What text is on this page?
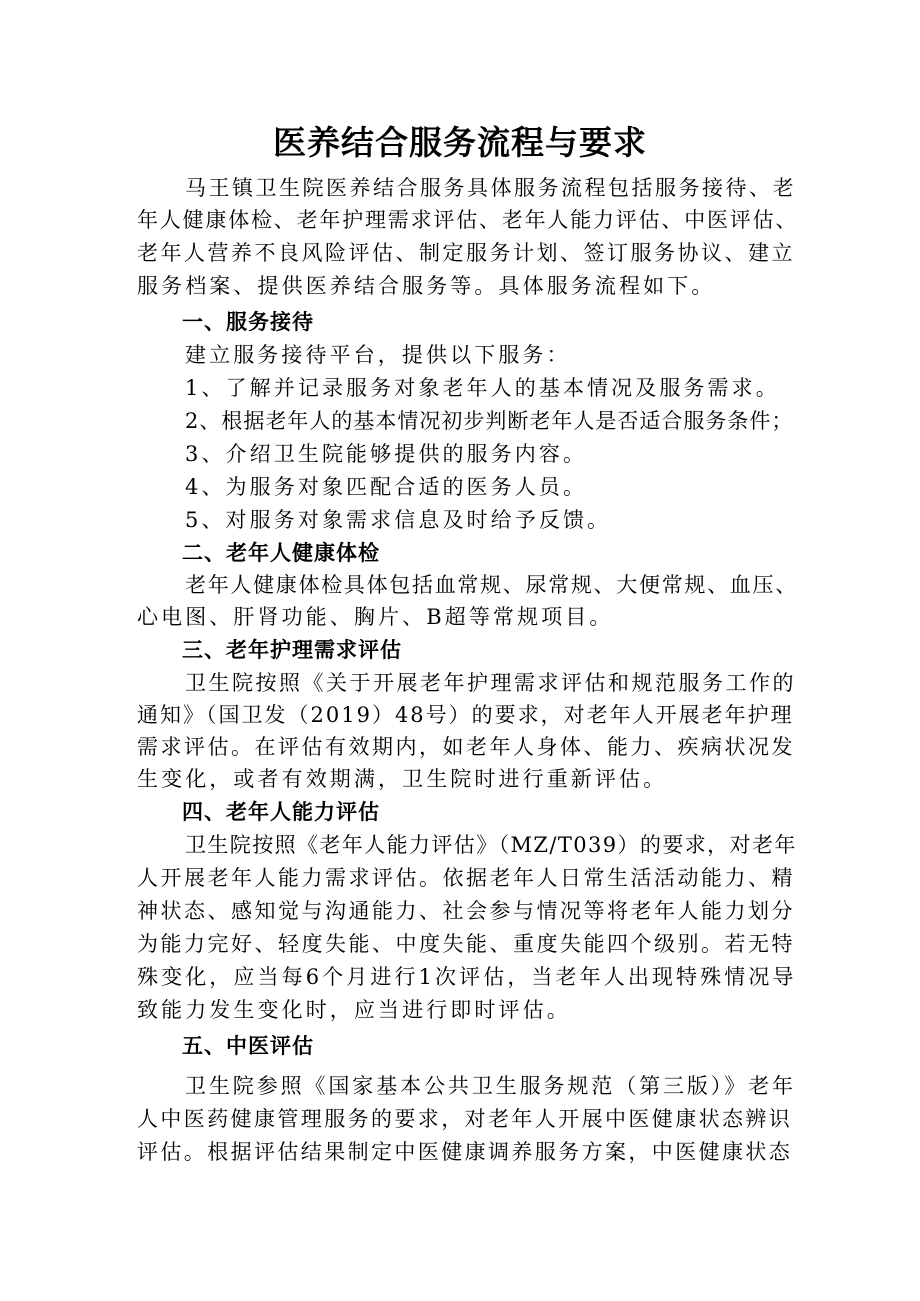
医养结合服务流程与要求

马王镇卫生院医养结合服务具体服务流程包括服务接待、老

年人健康体检、老年护理需求评估、老年人能力评估、中医评估、

老年人营养不良风险评估、制定服务计划、签订服务协议、建立

服务档案、提供医养结合服务等。具体服务流程如下。

一、服务接待

建立服务接待平台，提供以下服务：

1、了解并记录服务对象老年人的基本情况及服务需求。

2、根据老年人的基本情况初步判断老年人是否适合服务条件；

3、介绍卫生院能够提供的服务内容。

4、为服务对象匹配合适的医务人员。

5、对服务对象需求信息及时给予反馈。

二、老年人健康体检

老年人健康体检具体包括血常规、尿常规、大便常规、血压、

心电图、肝肾功能、胸片、B超等常规项目。

三、老年护理需求评估

卫生院按照《关于开展老年护理需求评估和规范服务工作的

通知》（国卫发（2019）48号）的要求，对老年人开展老年护理

需求评估。在评估有效期内，如老年人身体、能力、疾病状况发

生变化，或者有效期满，卫生院时进行重新评估。

四、老年人能力评估

卫生院按照《老年人能力评估》（MZ/T039）的要求，对老年

人开展老年人能力需求评估。依据老年人日常生活活动能力、精

神状态、感知觉与沟通能力、社会参与情况等将老年人能力划分

为能力完好、轻度失能、中度失能、重度失能四个级别。若无特

殊变化，应当每6个月进行1次评估，当老年人出现特殊情况导

致能力发生变化时，应当进行即时评估。

五、中医评估

卫生院参照《国家基本公共卫生服务规范（第三版）》老年

人中医药健康管理服务的要求，对老年人开展中医健康状态辨识

评估。根据评估结果制定中医健康调养服务方案，中医健康状态
